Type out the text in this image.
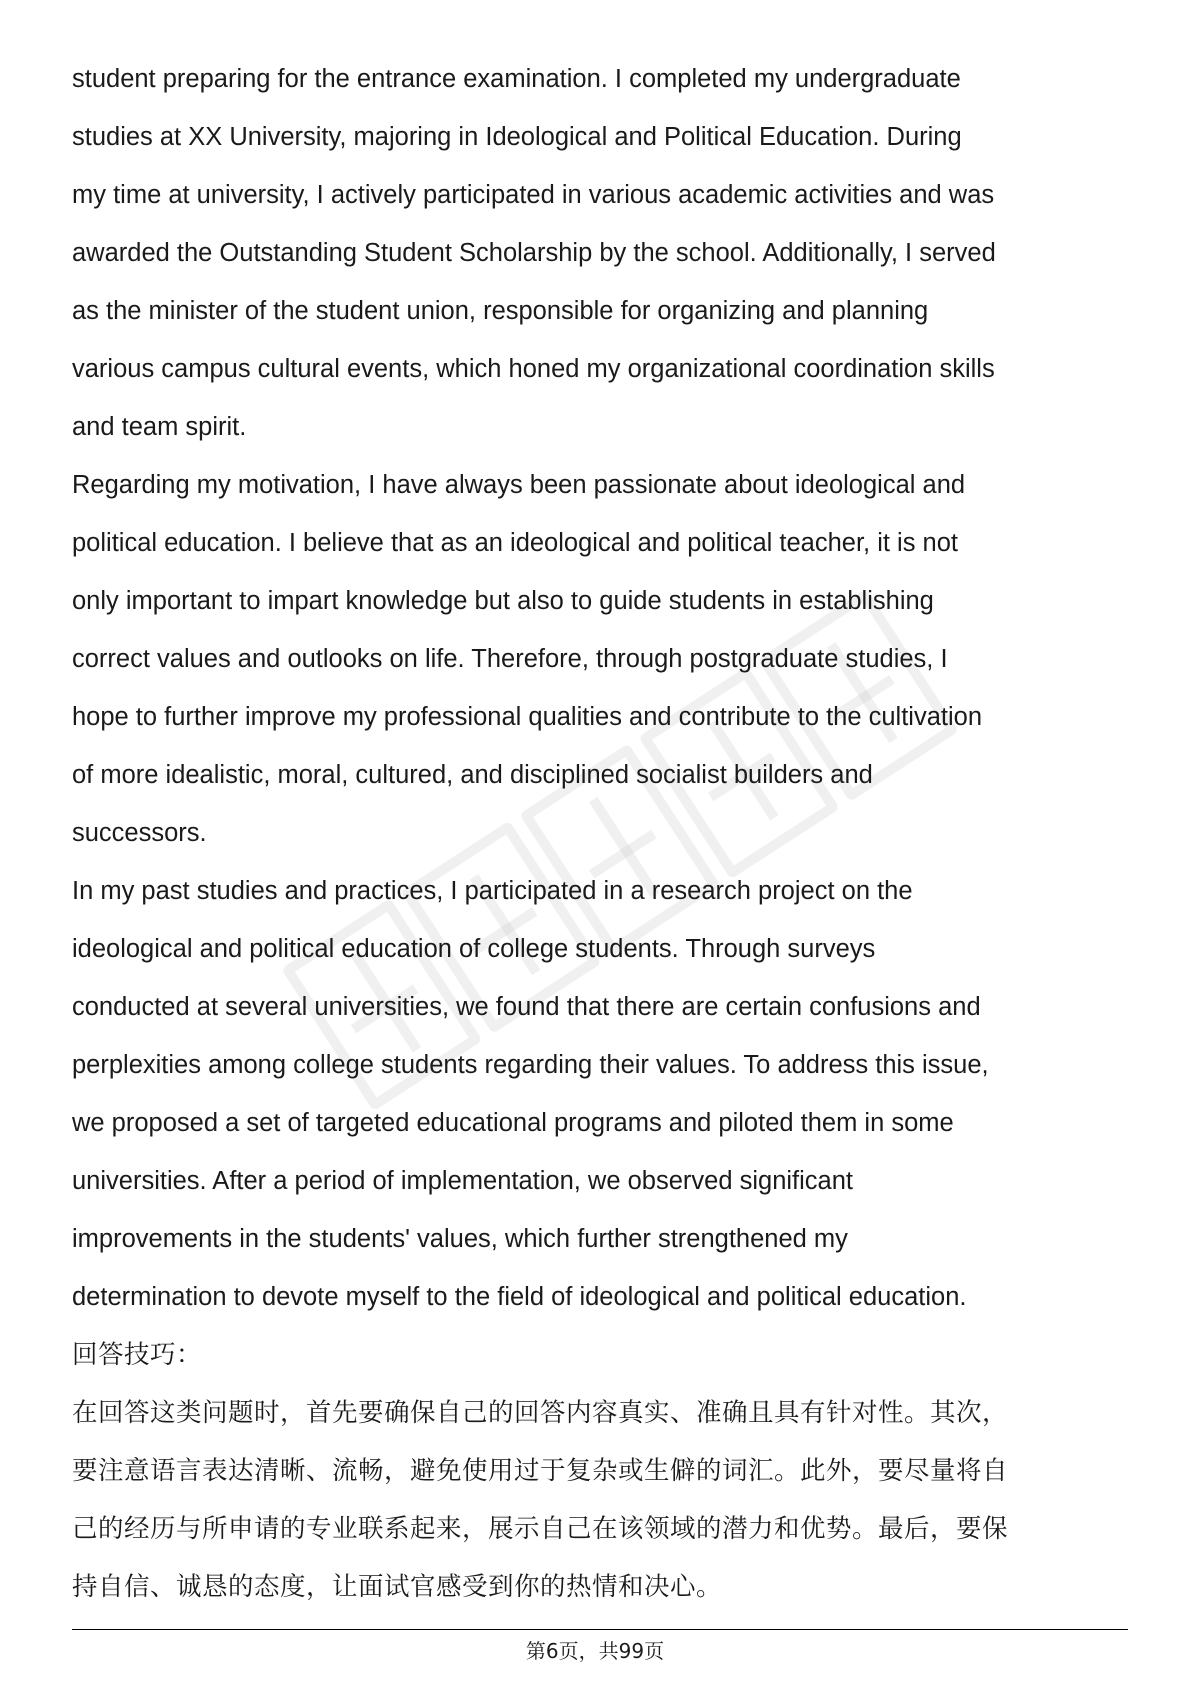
student preparing for the entrance examination. I completed my undergraduate
studies at XX University, majoring in Ideological and Political Education. During
my time at university, I actively participated in various academic activities and was
awarded the Outstanding Student Scholarship by the school. Additionally, I served
as the minister of the student union, responsible for organizing and planning
various campus cultural events, which honed my organizational coordination skills
and team spirit.
Regarding my motivation, I have always been passionate about ideological and
political education. I believe that as an ideological and political teacher, it is not
only important to impart knowledge but also to guide students in establishing
correct values and outlooks on life. Therefore, through postgraduate studies, I
hope to further improve my professional qualities and contribute to the cultivation
of more idealistic, moral, cultured, and disciplined socialist builders and
successors.
In my past studies and practices, I participated in a research project on the
ideological and political education of college students. Through surveys
conducted at several universities, we found that there are certain confusions and
perplexities among college students regarding their values. To address this issue,
we proposed a set of targeted educational programs and piloted them in some
universities. After a period of implementation, we observed significant
improvements in the students' values, which further strengthened my
determination to devote myself to the field of ideological and political education.
回答技巧：
在回答这类问题时，首先要确保自己的回答内容真实、准确且具有针对性。其次，
要注意语言表达清晰、流畅，避免使用过于复杂或生僻的词汇。此外，要尽量将自
己的经历与所申请的专业联系起来，展示自己在该领域的潜力和优势。最后，要保
持自信、诚恳的态度，让面试官感受到你的热情和决心。
第6页，共99页
